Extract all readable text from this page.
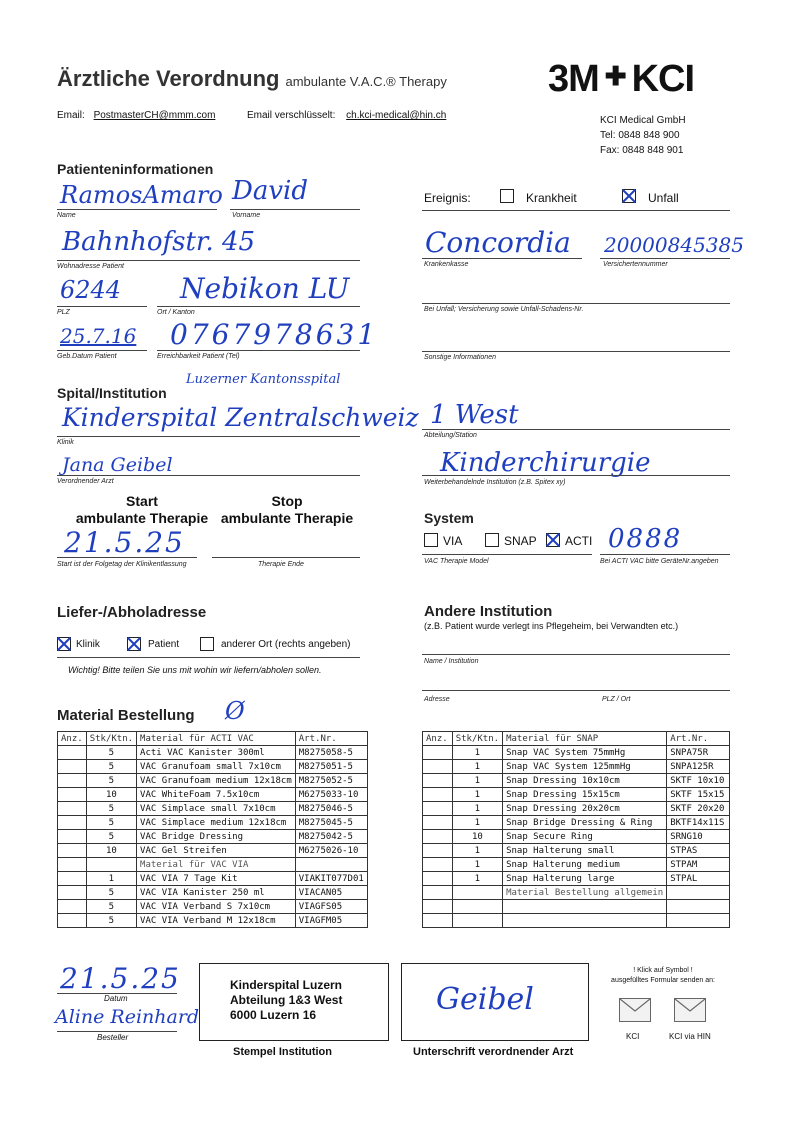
Ärztliche Verordnung ambulante V.A.C.® Therapy	3M ✚ KCI
Email: PostmasterCH@mmm.com	Email verschlüsselt: ch.kci-medical@hin.ch	KCI Medical GmbH
Tel: 0848 848 900
Fax: 0848 848 901
Patienteninformationen
RamosAmaro
Name
David
Vorname
Bahnhofstr. 45
Wohnadresse Patient
6244
PLZ
Nebikon LU
Ort / Kanton
25.7.16
Geb.Datum Patient
0767978631
Erreichbarkeit Patient (Tel)
Ereignis:	Krankheit	Unfall
Concordia
Krankenkasse
20000845385
Versichertennummer
Bei Unfall; Versicherung sowie Unfall-Schadens-Nr.
Sonstige Informationen
Spital/Institution
Luzerner Kantonsspital
Kinderspital Zentralschweiz
Klinik
1 West
Abteilung/Station
Jana Geibel
Verordnender Arzt
Kinderchirurgie
Weiterbehandelnde Institution (z.B. Spitex xy)
Start
ambulante Therapie
Stop
ambulante Therapie
21.5.25
Start ist der Folgetag der Klinikentlassung	Therapie Ende
System
VIA	SNAP ACTI
VAC Therapie Model
0888
Bei ACTI VAC bitte GeräteNr.angeben
Liefer-/Abholadresse
Klinik	Patient	anderer Ort (rechts angeben)
Wichtig! Bitte teilen Sie uns mit wohin wir liefern/abholen sollen.
Andere Institution
(z.B. Patient wurde verlegt ins Pflegeheim, bei Verwandten etc.)
Name / Institution
Adresse	PLZ / Ort
Material Bestellung Ø
Anz.	Stk/Ktn.	Material für ACTI VAC	Art.Nr.
	5	Acti VAC Kanister 300ml	M8275058-5
	5	VAC Granufoam small 7x10cm	M8275051-5
	5	VAC Granufoam medium 12x18cm	M8275052-5
	10	VAC WhiteFoam 7.5x10cm	M6275033-10
	5	VAC Simplace small 7x10cm	M8275046-5
	5	VAC Simplace medium 12x18cm	M8275045-5
	5	VAC Bridge Dressing	M8275042-5
	10	VAC Gel Streifen	M6275026-10
		Material für VAC VIA	
	1	VAC VIA 7 Tage Kit	VIAKIT077D01
	5	VAC VIA Kanister 250 ml	VIACAN05
	5	VAC VIA Verband S 7x10cm	VIAGFS05
	5	VAC VIA Verband M 12x18cm	VIAGFM05
Anz.	Stk/Ktn.	Material für SNAP	Art.Nr.
	1	Snap VAC System 75mmHg	SNPA75R
	1	Snap VAC System 125mmHg	SNPA125R
	1	Snap Dressing 10x10cm	SKTF 10x10
	1	Snap Dressing 15x15cm	SKTF 15x15
	1	Snap Dressing 20x20cm	SKTF 20x20
	1	Snap Bridge Dressing & Ring	BKTF14x11S
	10	Snap Secure Ring	SRNG10
	1	Snap Halterung small	STPAS
	1	Snap Halterung medium	STPAM
	1	Snap Halterung large	STPAL
		Material Bestellung allgemein	

21.5.25
Datum
Aline Reinhard
Besteller
Kinderspital Luzern
Abteilung 1&3 West
6000 Luzern 16
Stempel Institution
Geibel
Unterschrift verordnender Arzt
! Klick auf Symbol !
ausgefülltes Formular senden an:
KCI	KCI via HIN
